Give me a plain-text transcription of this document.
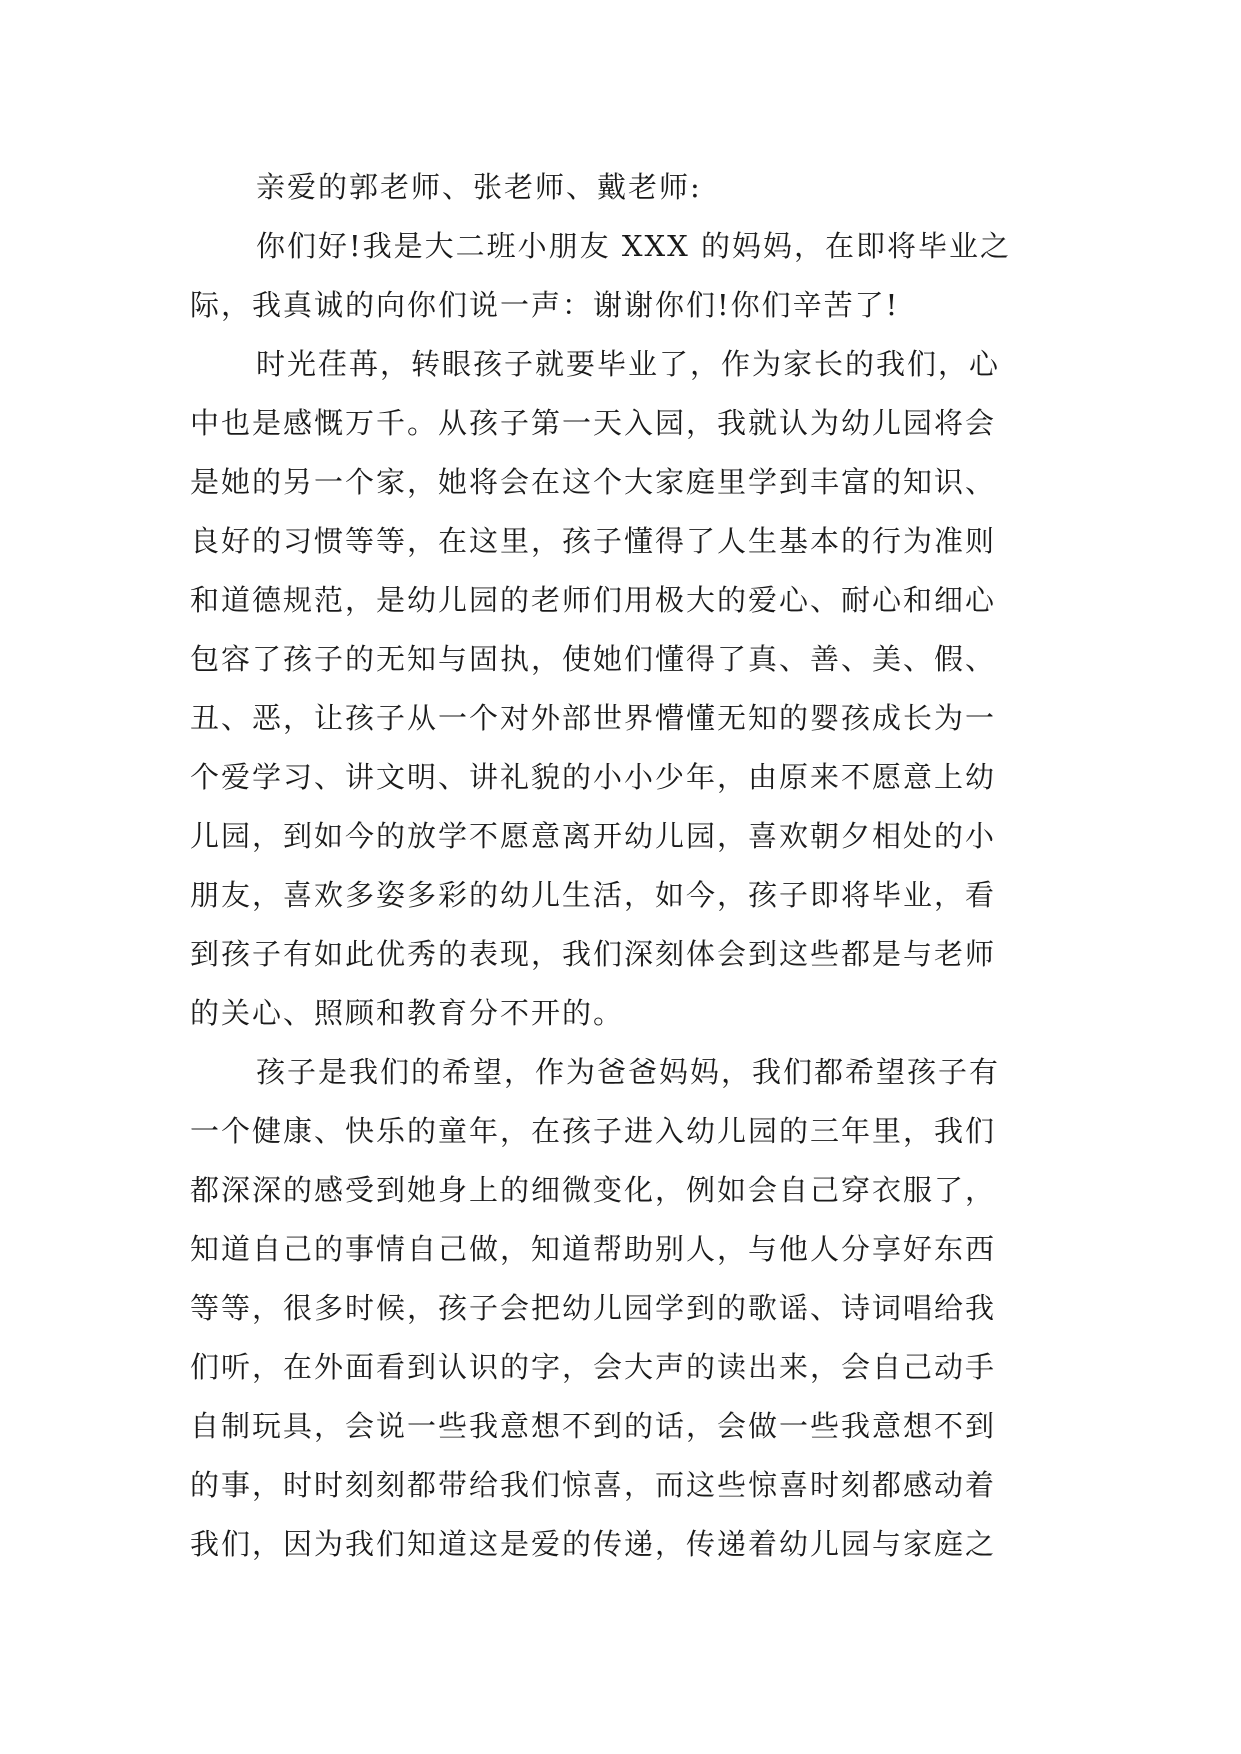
亲爱的郭老师、张老师、戴老师:
你们好!我是大二班小朋友 XXX 的妈妈，在即将毕业之
际，我真诚的向你们说一声：谢谢你们!你们辛苦了!
时光荏苒，转眼孩子就要毕业了，作为家长的我们，心
中也是感慨万千。从孩子第一天入园，我就认为幼儿园将会
是她的另一个家，她将会在这个大家庭里学到丰富的知识、
良好的习惯等等，在这里，孩子懂得了人生基本的行为准则
和道德规范，是幼儿园的老师们用极大的爱心、耐心和细心
包容了孩子的无知与固执，使她们懂得了真、善、美、假、
丑、恶，让孩子从一个对外部世界懵懂无知的婴孩成长为一
个爱学习、讲文明、讲礼貌的小小少年，由原来不愿意上幼
儿园，到如今的放学不愿意离开幼儿园，喜欢朝夕相处的小
朋友，喜欢多姿多彩的幼儿生活，如今，孩子即将毕业，看
到孩子有如此优秀的表现，我们深刻体会到这些都是与老师
的关心、照顾和教育分不开的。
孩子是我们的希望，作为爸爸妈妈，我们都希望孩子有
一个健康、快乐的童年，在孩子进入幼儿园的三年里，我们
都深深的感受到她身上的细微变化，例如会自己穿衣服了，
知道自己的事情自己做，知道帮助别人，与他人分享好东西
等等，很多时候，孩子会把幼儿园学到的歌谣、诗词唱给我
们听，在外面看到认识的字，会大声的读出来，会自己动手
自制玩具，会说一些我意想不到的话，会做一些我意想不到
的事，时时刻刻都带给我们惊喜，而这些惊喜时刻都感动着
我们，因为我们知道这是爱的传递，传递着幼儿园与家庭之
